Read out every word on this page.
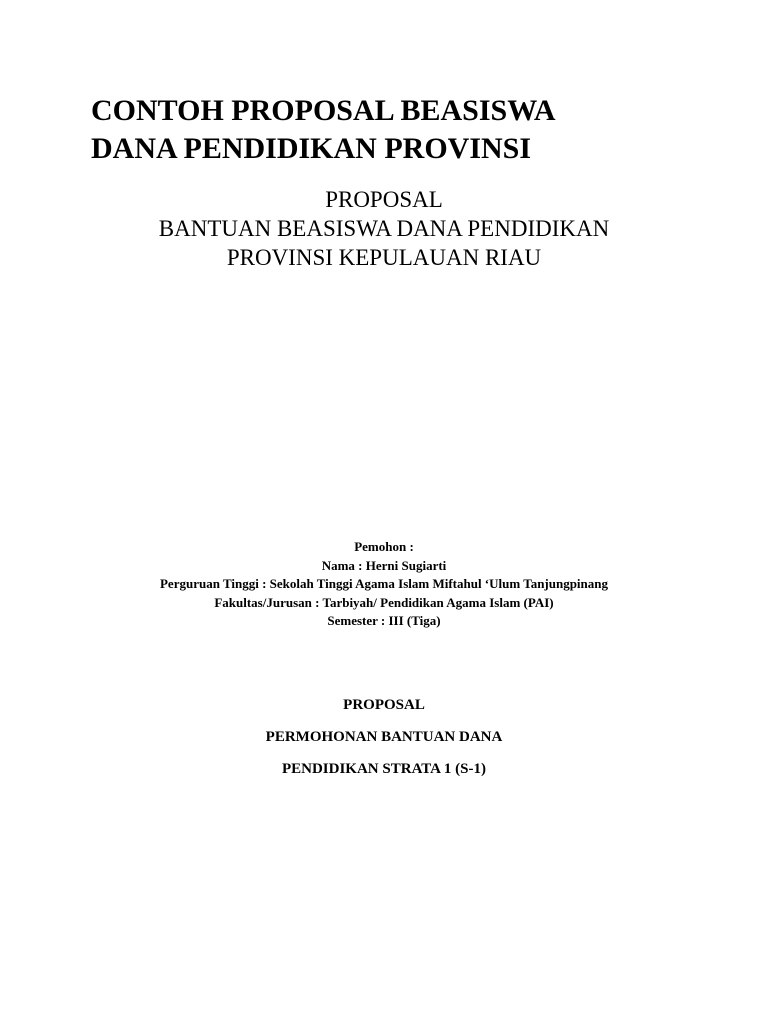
CONTOH PROPOSAL BEASISWA
DANA PENDIDIKAN PROVINSI
PROPOSAL
BANTUAN BEASISWA DANA PENDIDIKAN
PROVINSI KEPULAUAN RIAU
Pemohon :
Nama : Herni Sugiarti
Perguruan Tinggi : Sekolah Tinggi Agama Islam Miftahul ‘Ulum Tanjungpinang
Fakultas/Jurusan : Tarbiyah/ Pendidikan Agama Islam (PAI)
Semester : III (Tiga)
PROPOSAL
PERMOHONAN BANTUAN DANA
PENDIDIKAN STRATA 1 (S-1)
